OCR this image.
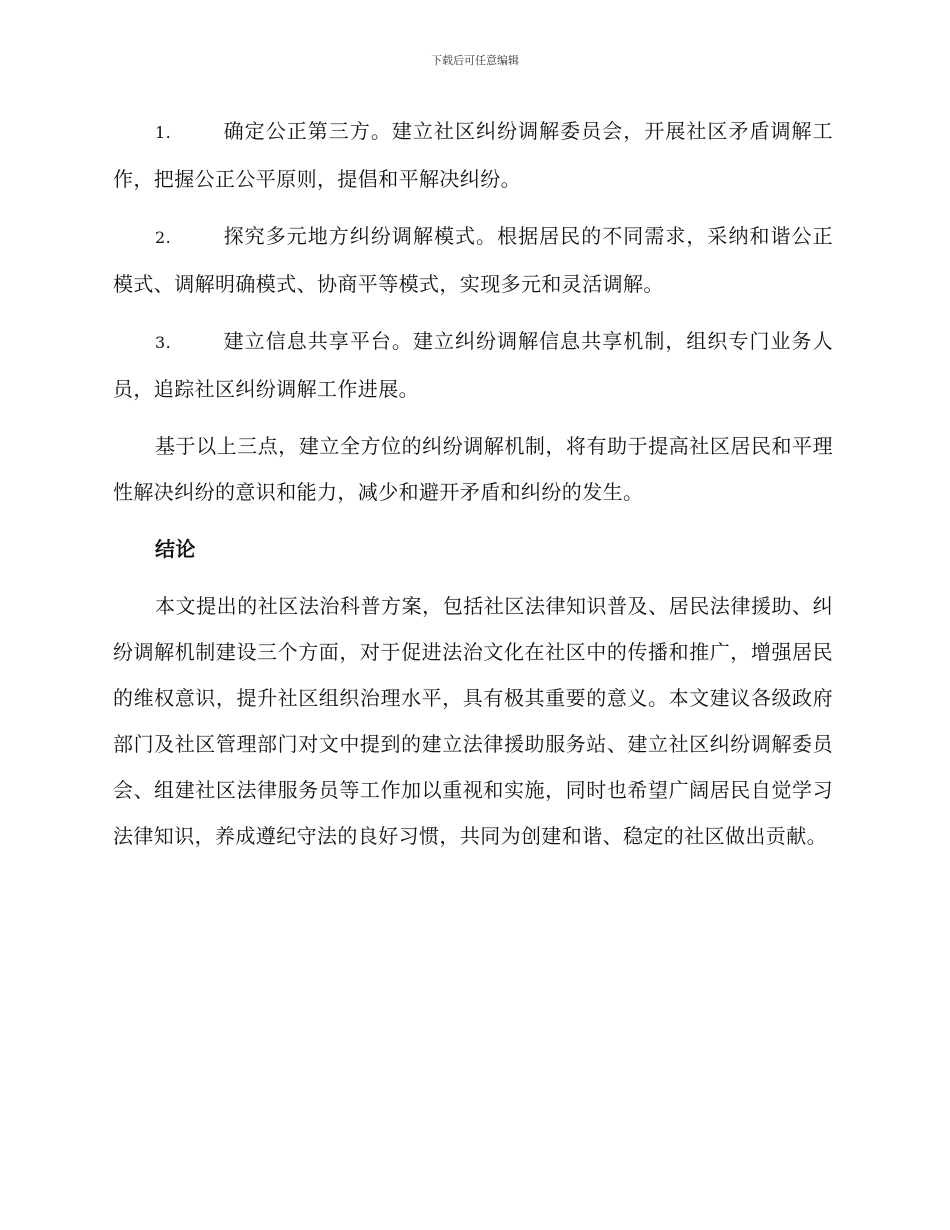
下载后可任意编辑

1.	确定公正第三方。建立社区纠纷调解委员会，开展社区矛盾调解工作，把握公正公平原则，提倡和平解决纠纷。

2.	探究多元地方纠纷调解模式。根据居民的不同需求，采纳和谐公正模式、调解明确模式、协商平等模式，实现多元和灵活调解。

3.	建立信息共享平台。建立纠纷调解信息共享机制，组织专门业务人员，追踪社区纠纷调解工作进展。

基于以上三点，建立全方位的纠纷调解机制，将有助于提高社区居民和平理性解决纠纷的意识和能力，减少和避开矛盾和纠纷的发生。

结论

本文提出的社区法治科普方案，包括社区法律知识普及、居民法律援助、纠纷调解机制建设三个方面，对于促进法治文化在社区中的传播和推广，增强居民的维权意识，提升社区组织治理水平，具有极其重要的意义。本文建议各级政府部门及社区管理部门对文中提到的建立法律援助服务站、建立社区纠纷调解委员会、组建社区法律服务员等工作加以重视和实施，同时也希望广阔居民自觉学习法律知识，养成遵纪守法的良好习惯，共同为创建和谐、稳定的社区做出贡献。
